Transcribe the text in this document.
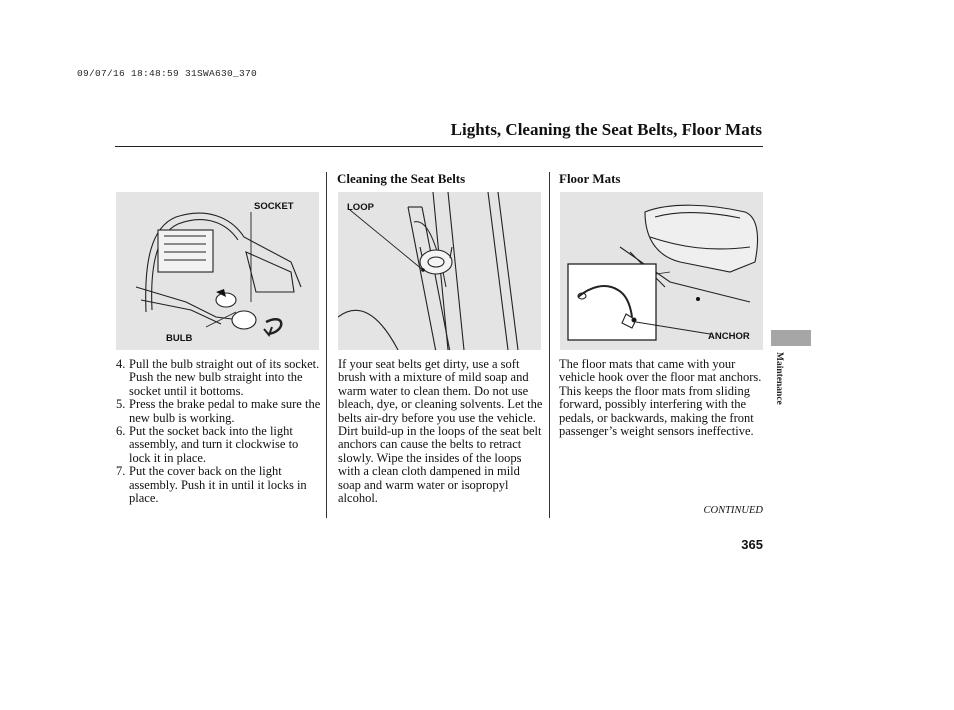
09/07/16 18:48:59 31SWA630_370
Lights, Cleaning the Seat Belts, Floor Mats
SOCKET
BULB
4. Pull the bulb straight out of its socket. Push the new bulb straight into the socket until it bottoms.
5. Press the brake pedal to make sure the new bulb is working.
6. Put the socket back into the light assembly, and turn it clockwise to lock it in place.
7. Put the cover back on the light assembly. Push it in until it locks in place.
Cleaning the Seat Belts
LOOP

If your seat belts get dirty, use a soft brush with a mixture of mild soap and warm water to clean them. Do not use bleach, dye, or cleaning solvents. Let the belts air-dry before you use the vehicle.

Dirt build-up in the loops of the seat belt anchors can cause the belts to retract slowly. Wipe the insides of the loops with a clean cloth dampened in mild soap and warm water or isopropyl alcohol.

Floor Mats
ANCHOR

The floor mats that came with your vehicle hook over the floor mat anchors. This keeps the floor mats from sliding forward, possibly interfering with the pedals, or backwards, making the front passenger’s weight sensors ineffective.

CONTINUED
365
Maintenance
